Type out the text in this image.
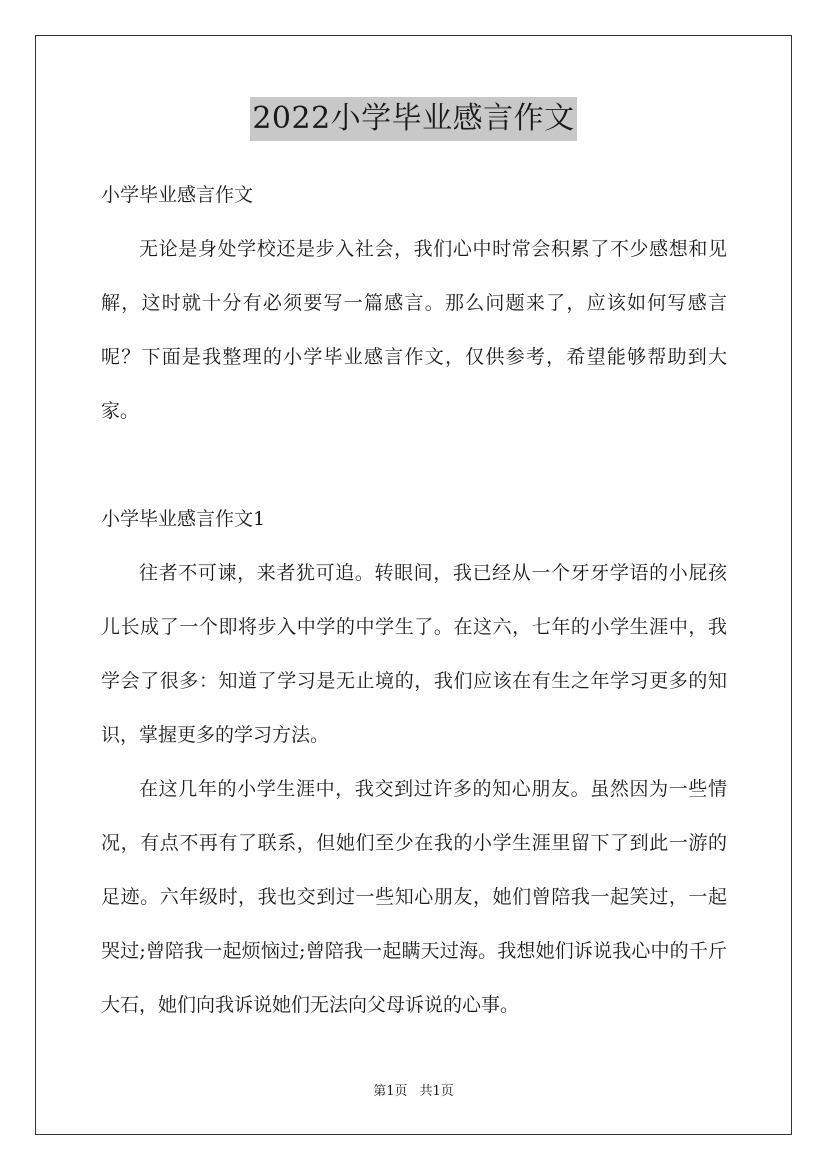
2022小学毕业感言作文

小学毕业感言作文

无论是身处学校还是步入社会，我们心中时常会积累了不少感想和见解，这时就十分有必须要写一篇感言。那么问题来了，应该如何写感言呢？下面是我整理的小学毕业感言作文，仅供参考，希望能够帮助到大家。

小学毕业感言作文1

往者不可谏，来者犹可追。转眼间，我已经从一个牙牙学语的小屁孩儿长成了一个即将步入中学的中学生了。在这六，七年的小学生涯中，我学会了很多：知道了学习是无止境的，我们应该在有生之年学习更多的知识，掌握更多的学习方法。

在这几年的小学生涯中，我交到过许多的知心朋友。虽然因为一些情况，有点不再有了联系，但她们至少在我的小学生涯里留下了到此一游的足迹。六年级时，我也交到过一些知心朋友，她们曾陪我一起笑过，一起哭过;曾陪我一起烦恼过;曾陪我一起瞒天过海。我想她们诉说我心中的千斤大石，她们向我诉说她们无法向父母诉说的心事。

第1页 共1页
